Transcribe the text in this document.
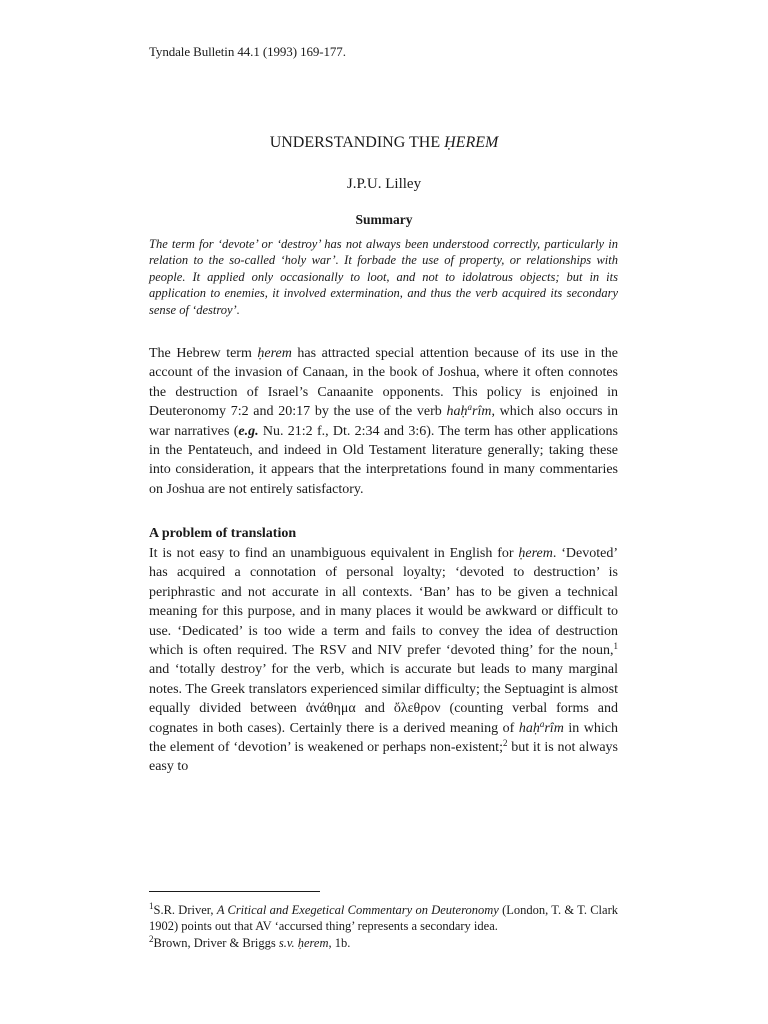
Tyndale Bulletin 44.1 (1993) 169-177.
UNDERSTANDING THE ḤEREM
J.P.U. Lilley
Summary
The term for ‘devote’ or ‘destroy’ has not always been understood correctly, particularly in relation to the so-called ‘holy war’. It forbade the use of property, or relationships with people. It applied only occasionally to loot, and not to idolatrous objects; but in its application to enemies, it involved extermination, and thus the verb acquired its secondary sense of ‘destroy’.

The Hebrew term ḥerem has attracted special attention because of its use in the account of the invasion of Canaan, in the book of Joshua, where it often connotes the destruction of Israel’s Canaanite opponents. This policy is enjoined in Deuteronomy 7:2 and 20:17 by the use of the verb haḥ$^a$rîm, which also occurs in war narratives (e.g. Nu. 21:2 f., Dt. 2:34 and 3:6). The term has other applications in the Pentateuch, and indeed in Old Testament literature generally; taking these into consideration, it appears that the interpretations found in many commentaries on Joshua are not entirely satisfactory.

A problem of translation

It is not easy to find an unambiguous equivalent in English for ḥerem. ‘Devoted’ has acquired a connotation of personal loyalty; ‘devoted to destruction’ is periphrastic and not accurate in all contexts. ‘Ban’ has to be given a technical meaning for this purpose, and in many places it would be awkward or difficult to use. ‘Dedicated’ is too wide a term and fails to convey the idea of destruction which is often required. The RSV and NIV prefer ‘devoted thing’ for the noun,$^1$ and ‘totally destroy’ for the verb, which is accurate but leads to many marginal notes. The Greek translators experienced similar difficulty; the Septuagint is almost equally divided between ἀνάθημα and ὄλεθρον (counting verbal forms and cognates in both cases). Certainly there is a derived meaning of haḥ$^a$rîm in which the element of ‘devotion’ is weakened or perhaps non-existent;$^2$ but it is not always easy to

$^1$S.R. Driver, A Critical and Exegetical Commentary on Deuteronomy (London, T. & T. Clark 1902) points out that AV ‘accursed thing’ represents a secondary idea.

$^2$Brown, Driver & Briggs s.v. ḥerem, 1b.
